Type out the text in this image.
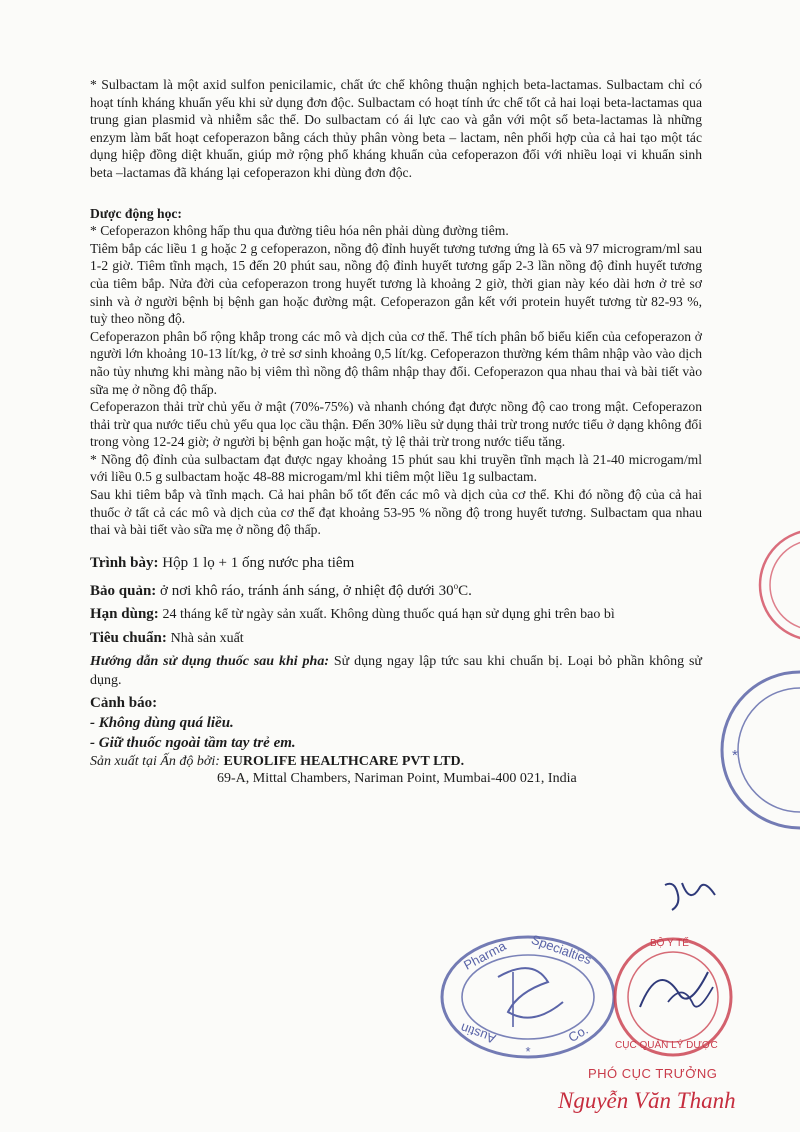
* Sulbactam là một axid sulfon penicilamic, chất ức chế không thuận nghịch beta-lactamas. Sulbactam chỉ có hoạt tính kháng khuẩn yếu khi sử dụng đơn độc. Sulbactam có hoạt tính ức chế tốt cả hai loại beta-lactamas qua trung gian plasmid và nhiễm sắc thể. Do sulbactam có ái lực cao và gắn với một số beta-lactamas là những enzym làm bất hoạt cefoperazon bằng cách thủy phân vòng beta – lactam, nên phối hợp của cả hai tạo một tác dụng hiệp đồng diệt khuẩn, giúp mở rộng phổ kháng khuẩn của cefoperazon đối với nhiều loại vi khuẩn sinh beta –lactamas đã kháng lại cefoperazon khi dùng đơn độc.

Dược động học:

* Cefoperazon không hấp thu qua đường tiêu hóa nên phải dùng đường tiêm.

Tiêm bắp các liều 1 g hoặc 2 g cefoperazon, nồng độ đỉnh huyết tương tương ứng là 65 và 97 microgram/ml sau 1-2 giờ. Tiêm tĩnh mạch, 15 đến 20 phút sau, nồng độ đỉnh huyết tương gấp 2-3 lần nồng độ đỉnh huyết tương của tiêm bắp. Nửa đời của cefoperazon trong huyết tương là khoảng 2 giờ, thời gian này kéo dài hơn ở trẻ sơ sinh và ở người bệnh bị bệnh gan hoặc đường mật. Cefoperazon gắn kết với protein huyết tương từ 82-93 %, tuỳ theo nồng độ.

Cefoperazon phân bố rộng khắp trong các mô và dịch của cơ thể. Thể tích phân bố biểu kiến của cefoperazon ở người lớn khoảng 10-13 lít/kg, ở trẻ sơ sinh khoảng 0,5 lít/kg. Cefoperazon thường kém thâm nhập vào vào dịch não tủy nhưng khi màng não bị viêm thì nồng độ thâm nhập thay đổi. Cefoperazon qua nhau thai và bài tiết vào sữa mẹ ở nồng độ thấp.

Cefoperazon thải trừ chủ yếu ở mật (70%-75%) và nhanh chóng đạt được nồng độ cao trong mật. Cefoperazon thải trừ qua nước tiểu chủ yếu qua lọc cầu thận. Đến 30% liều sử dụng thải trừ trong nước tiểu ở dạng không đổi trong vòng 12-24 giờ; ở người bị bệnh gan hoặc mật, tỷ lệ thải trừ trong nước tiểu tăng.

* Nồng độ đỉnh của sulbactam đạt được ngay khoảng 15 phút sau khi truyền tĩnh mạch là 21-40 microgam/ml với liều 0.5 g sulbactam hoặc 48-88 microgam/ml khi tiêm một liều 1g sulbactam.

Sau khi tiêm bắp và tĩnh mạch. Cả hai phân bố tốt đến các mô và dịch của cơ thể. Khi đó nồng độ của cả hai thuốc ở tất cả các mô và dịch của cơ thể đạt khoảng 53-95 % nồng độ trong huyết tương. Sulbactam qua nhau thai và bài tiết vào sữa mẹ ở nồng độ thấp.

Trình bày: Hộp 1 lọ + 1 ống nước pha tiêm

Bảo quản: ở nơi khô ráo, tránh ánh sáng, ở nhiệt độ dưới 30$^o$C.

Hạn dùng: 24 tháng kể từ ngày sản xuất. Không dùng thuốc quá hạn sử dụng ghi trên bao bì

Tiêu chuẩn: Nhà sản xuất

Hướng dẫn sử dụng thuốc sau khi pha: Sử dụng ngay lập tức sau khi chuẩn bị. Loại bỏ phần không sử dụng.

Cảnh báo:

- Không dùng quá liều.

- Giữ thuốc ngoài tầm tay trẻ em.

Sản xuất tại Ấn độ bởi: EUROLIFE HEALTHCARE PVT LTD.

69-A, Mittal Chambers, Nariman Point, Mumbai-400 021, India

*
*
Pharma Specialties
Austin	Co.
BỘ Y TẾ
CỤC QUẢN LÝ DƯỢC
PHÓ CỤC TRƯỞNG
Nguyễn Văn Thanh
